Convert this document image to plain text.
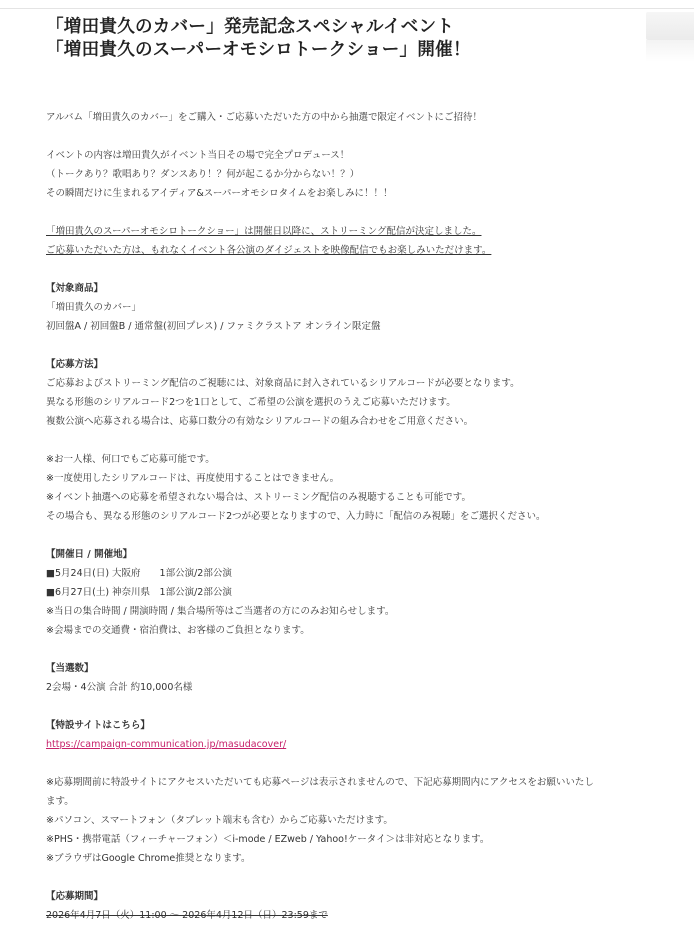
「増田貴久のカバー」発売記念スペシャルイベント
「増田貴久のスーパーオモシロトークショー」開催！

アルバム「増田貴久のカバー」をご購入・ご応募いただいた方の中から抽選で限定イベントにご招待！

イベントの内容は増田貴久がイベント当日その場で完全プロデュース！

（トークあり？歌唱あり？ダンスあり！？何が起こるか分からない！？）

その瞬間だけに生まれるアイディア&スーパーオモシロタイムをお楽しみに！！！

「増田貴久のスーパーオモシロトークショー」は開催日以降に、ストリーミング配信が決定しました。

ご応募いただいた方は、もれなくイベント各公演のダイジェストを映像配信でもお楽しみいただけます。

【対象商品】

「増田貴久のカバー」

初回盤A / 初回盤B / 通常盤(初回プレス) / ファミクラストア オンライン限定盤

【応募方法】

ご応募およびストリーミング配信のご視聴には、対象商品に封入されているシリアルコードが必要となります。

異なる形態のシリアルコード2つを1口として、ご希望の公演を選択のうえご応募いただけます。

複数公演へ応募される場合は、応募口数分の有効なシリアルコードの組み合わせをご用意ください。

※お一人様、何口でもご応募可能です。

※一度使用したシリアルコードは、再度使用することはできません。

※イベント抽選への応募を希望されない場合は、ストリーミング配信のみ視聴することも可能です。

その場合も、異なる形態のシリアルコード2つが必要となりますので、入力時に「配信のみ視聴」をご選択ください。

【開催日 / 開催地】

■5月24日(日) 大阪府　　1部公演/2部公演

■6月27日(土) 神奈川県　1部公演/2部公演

※当日の集合時間 / 開演時間 / 集合場所等はご当選者の方にのみお知らせします。

※会場までの交通費・宿泊費は、お客様のご負担となります。

【当選数】

2会場・4公演 合計 約10,000名様

【特設サイトはこちら】

https://campaign-communication.jp/masudacover/

※応募期間前に特設サイトにアクセスいただいても応募ページは表示されませんので、下記応募期間内にアクセスをお願いいたします。

※パソコン、スマートフォン（タブレット端末も含む）からご応募いただけます。

※PHS・携帯電話（フィーチャーフォン）＜i-mode / EZweb / Yahoo!ケータイ＞は非対応となります。

※ブラウザはGoogle Chrome推奨となります。

【応募期間】

2026年4月7日（火）11:00 ～ 2026年4月12日（日）23:59まで
